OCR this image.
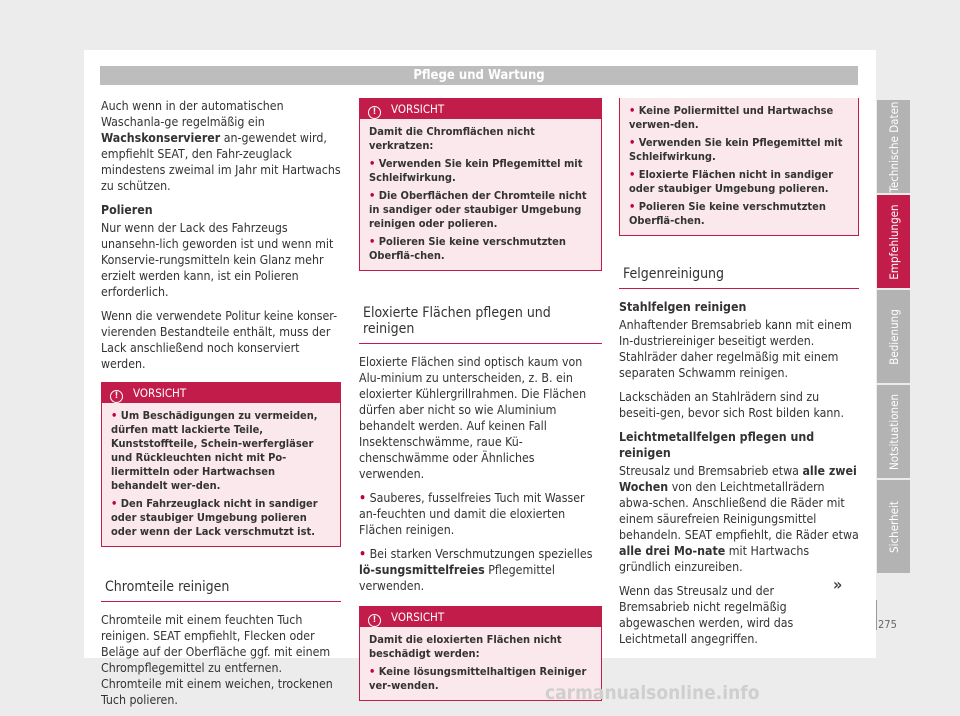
Pflege und Wartung

Auch wenn in der automatischen Waschanla-ge regelmäßig ein Wachskonservierer an-gewendet wird, empfiehlt SEAT, den Fahr-zeuglack mindestens zweimal im Jahr mit Hartwachs zu schützen.

Polieren

Nur wenn der Lack des Fahrzeugs unansehn-lich geworden ist und wenn mit Konservie-rungsmitteln kein Glanz mehr erzielt werden kann, ist ein Polieren erforderlich.

Wenn die verwendete Politur keine konser-vierenden Bestandteile enthält, muss der Lack anschließend noch konserviert werden.

! VORSICHT
• Um Beschädigungen zu vermeiden, dürfen matt lackierte Teile, Kunststoffteile, Schein-werfergläser und Rückleuchten nicht mit Po-liermitteln oder Hartwachsen behandelt wer-den.
• Den Fahrzeuglack nicht in sandiger oder staubiger Umgebung polieren oder wenn der Lack verschmutzt ist.
Chromteile reinigen

Chromteile mit einem feuchten Tuch reinigen. SEAT empfiehlt, Flecken oder Beläge auf der Oberfläche ggf. mit einem Chrompflegemittel zu entfernen. Chromteile mit einem weichen, trockenen Tuch polieren.

! VORSICHT
Damit die Chromflächen nicht verkratzen:
• Verwenden Sie kein Pflegemittel mit Schleifwirkung.
• Die Oberflächen der Chromteile nicht in sandiger oder staubiger Umgebung reinigen oder polieren.
• Polieren Sie keine verschmutzten Oberflä-chen.
Eloxierte Flächen pflegen und reinigen

Eloxierte Flächen sind optisch kaum von Alu-minium zu unterscheiden, z. B. ein eloxierter Kühlergrillrahmen. Die Flächen dürfen aber nicht so wie Aluminium behandelt werden. Auf keinen Fall Insektenschwämme, raue Kü-chenschwämme oder Ähnliches verwenden.

• Sauberes, fusselfreies Tuch mit Wasser an-feuchten und damit die eloxierten Flächen reinigen.

• Bei starken Verschmutzungen spezielles lö-sungsmittelfreies Pflegemittel verwenden.

! VORSICHT
Damit die eloxierten Flächen nicht beschädigt werden:
• Keine lösungsmittelhaltigen Reiniger ver-wenden.
• Keine Poliermittel und Hartwachse verwen-den.
• Verwenden Sie kein Pflegemittel mit Schleifwirkung.
• Eloxierte Flächen nicht in sandiger oder staubiger Umgebung polieren.
• Polieren Sie keine verschmutzten Oberflä-chen.
Felgenreinigung

Stahlfelgen reinigen

Anhaftender Bremsabrieb kann mit einem In-dustriereiniger beseitigt werden. Stahlräder daher regelmäßig mit einem separaten Schwamm reinigen.

Lackschäden an Stahlrädern sind zu beseiti-gen, bevor sich Rost bilden kann.

Leichtmetallfelgen pflegen und reinigen

Streusalz und Bremsabrieb etwa alle zwei Wochen von den Leichtmetallrädern abwa-schen. Anschließend die Räder mit einem säurefreien Reinigungsmittel behandeln. SEAT empfiehlt, die Räder etwa alle drei Mo-nate mit Hartwachs gründlich einzureiben.

Wenn das Streusalz und der Bremsabrieb nicht regelmäßig abgewaschen werden, wird das Leichtmetall angegriffen.

»
Technische Daten
Empfehlungen
Bedienung
Notsituationen
Sicherheit
275
carmanualsonline.info
